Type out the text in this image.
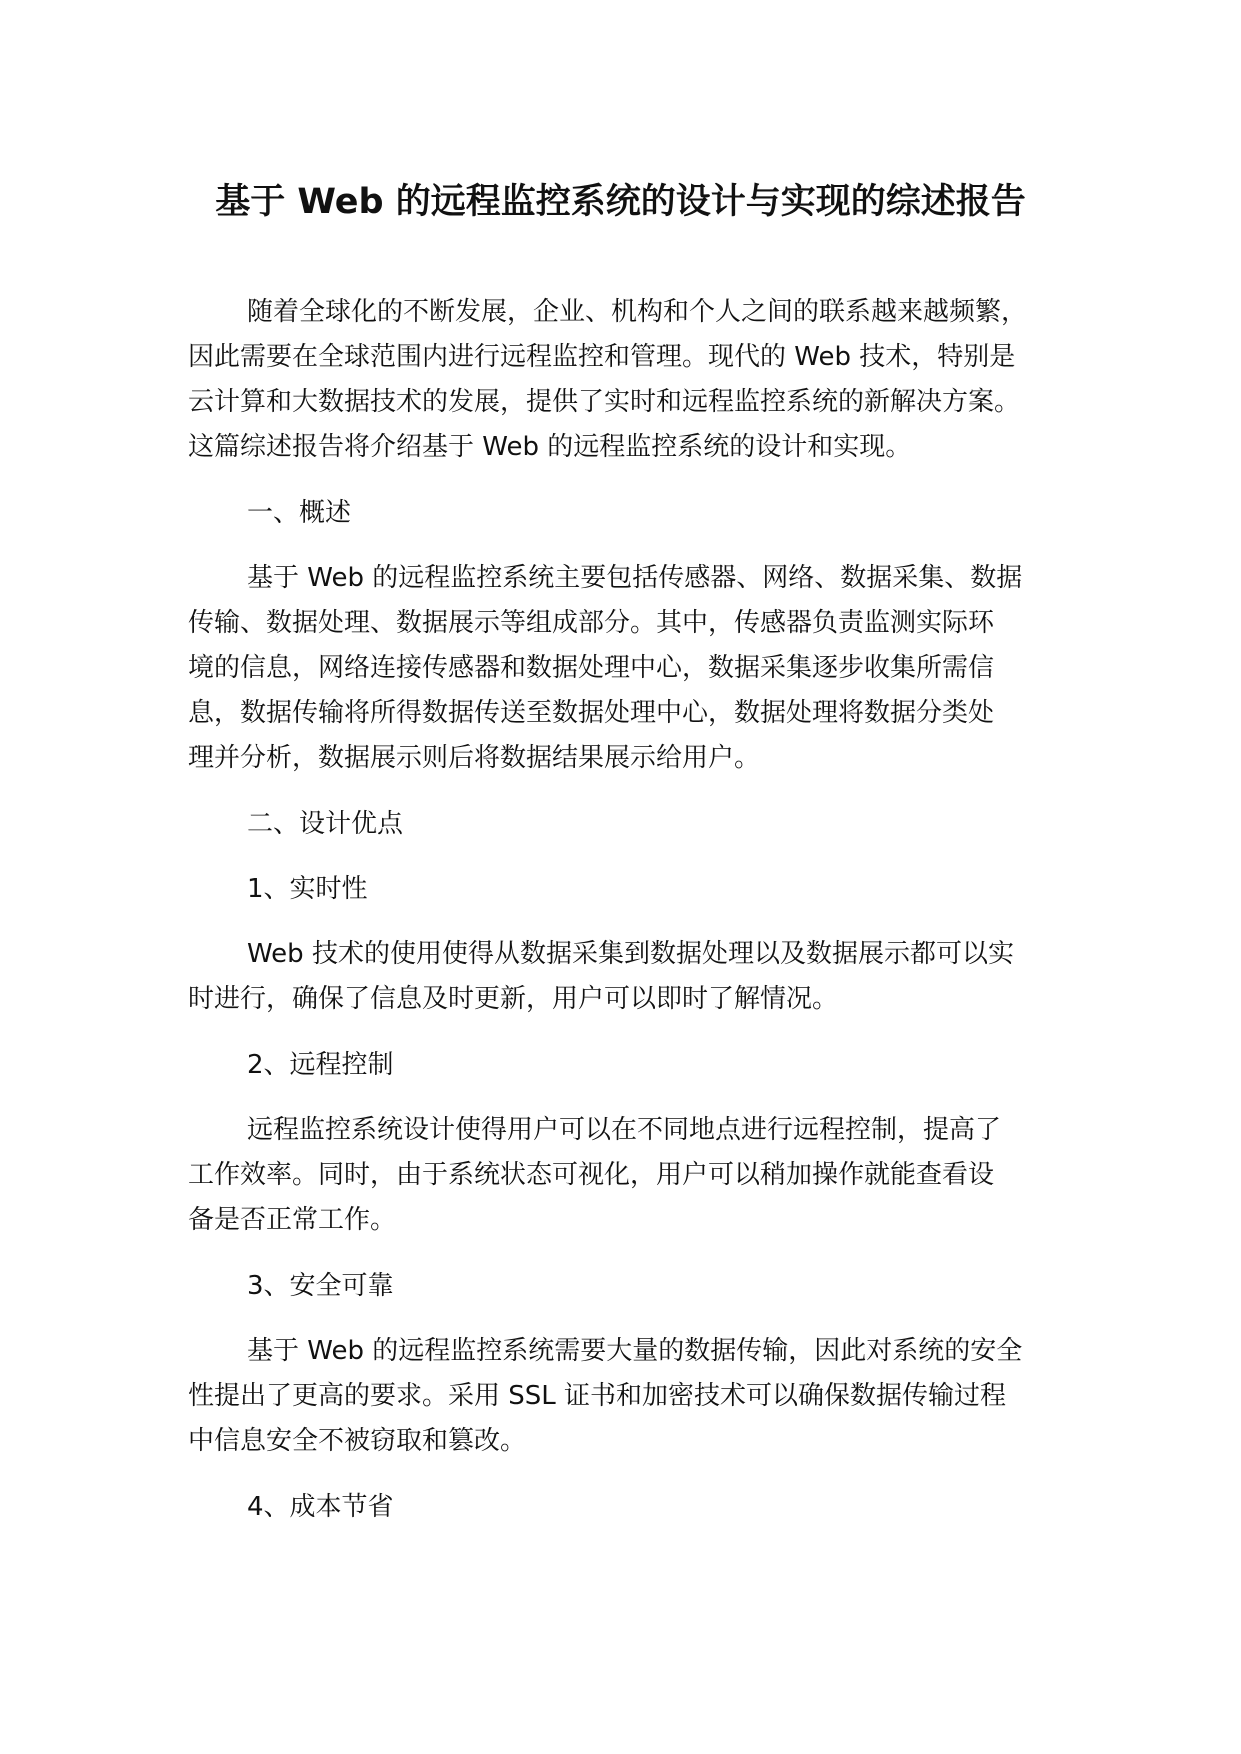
基于 Web 的远程监控系统的设计与实现的综述报告
随着全球化的不断发展，企业、机构和个人之间的联系越来越频繁，
因此需要在全球范围内进行远程监控和管理。现代的 Web 技术，特别是
云计算和大数据技术的发展，提供了实时和远程监控系统的新解决方案。
这篇综述报告将介绍基于 Web 的远程监控系统的设计和实现。
一、概述
基于 Web 的远程监控系统主要包括传感器、网络、数据采集、数据
传输、数据处理、数据展示等组成部分。其中，传感器负责监测实际环
境的信息，网络连接传感器和数据处理中心，数据采集逐步收集所需信
息，数据传输将所得数据传送至数据处理中心，数据处理将数据分类处
理并分析，数据展示则后将数据结果展示给用户。
二、设计优点
1、实时性
Web 技术的使用使得从数据采集到数据处理以及数据展示都可以实
时进行，确保了信息及时更新，用户可以即时了解情况。
2、远程控制
远程监控系统设计使得用户可以在不同地点进行远程控制，提高了
工作效率。同时，由于系统状态可视化，用户可以稍加操作就能查看设
备是否正常工作。
3、安全可靠
基于 Web 的远程监控系统需要大量的数据传输，因此对系统的安全
性提出了更高的要求。采用 SSL 证书和加密技术可以确保数据传输过程
中信息安全不被窃取和篡改。
4、成本节省
